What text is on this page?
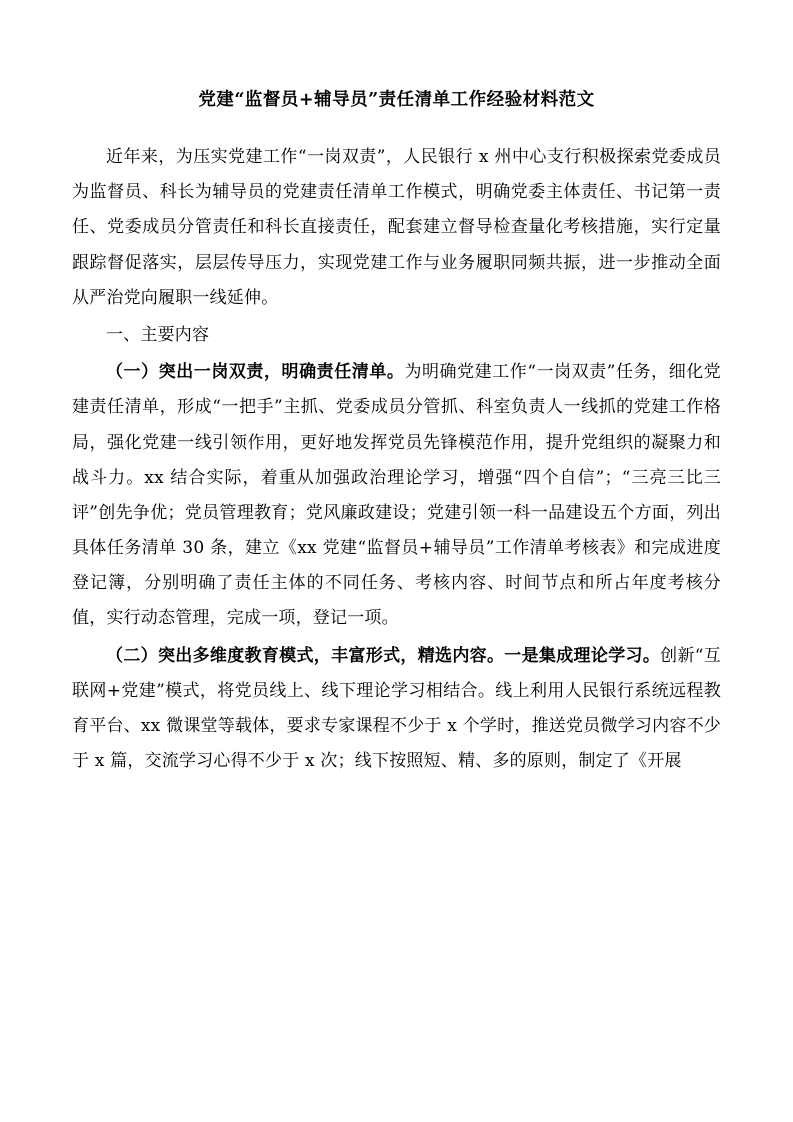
党建“监督员+辅导员”责任清单工作经验材料范文
近年来，为压实党建工作“一岗双责”，人民银行 x 州中心支行积极探索党委成员为监督员、科长为辅导员的党建责任清单工作模式，明确党委主体责任、书记第一责任、党委成员分管责任和科长直接责任，配套建立督导检查量化考核措施，实行定量跟踪督促落实，层层传导压力，实现党建工作与业务履职同频共振，进一步推动全面从严治党向履职一线延伸。
一、主要内容
（一）突出一岗双责，明确责任清单。为明确党建工作“一岗双责”任务，细化党建责任清单，形成“一把手”主抓、党委成员分管抓、科室负责人一线抓的党建工作格局，强化党建一线引领作用，更好地发挥党员先锋模范作用，提升党组织的凝聚力和战斗力。xx 结合实际，着重从加强政治理论学习，增强“四个自信”；“三亮三比三评”创先争优；党员管理教育；党风廉政建设；党建引领一科一品建设五个方面，列出具体任务清单 30 条，建立《xx 党建“监督员+辅导员”工作清单考核表》和完成进度登记簿，分别明确了责任主体的不同任务、考核内容、时间节点和所占年度考核分值，实行动态管理，完成一项，登记一项。
（二）突出多维度教育模式，丰富形式，精选内容。一是集成理论学习。创新“互联网+党建”模式，将党员线上、线下理论学习相结合。线上利用人民银行系统远程教育平台、xx 微课堂等载体，要求专家课程不少于 x 个学时，推送党员微学习内容不少于 x 篇，交流学习心得不少于 x 次；线下按照短、精、多的原则，制定了《开展
